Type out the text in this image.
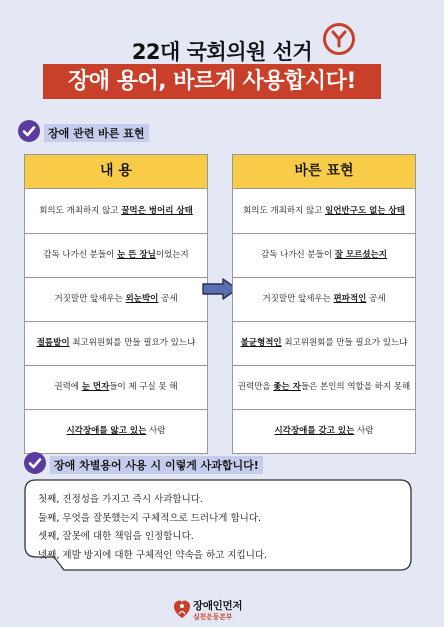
22대 국회의원 선거
장애 용어, 바르게 사용합시다!
장애 관련 바른 표현
내 용
회의도 개최하지 않고 꿀먹은 벙어리 상태
감독 나가신 분들이 눈 뜬 장님이었는지
거짓말만 앞세우는 외눈박이 공세
절름발이 최고위원회를 만들 필요가 있느냐
권력에 눈 먼자들이 제 구실 못 해
시각장애를 앓고 있는 사람
바른 표현
회의도 개최하지 않고 일언반구도 없는 상태
감독 나가신 분들이 잘 모르셨는지
거짓말만 앞세우는 편파적인 공세
불균형적인 최고위원회를 만들 필요가 있느냐
권력만을 좇는 자들은 본인의 역할을 하지 못해
시각장애를 갖고 있는 사람
장애 차별용어 사용 시 이렇게 사과합니다!
첫째, 진정성을 가지고 즉시 사과합니다.
둘째, 무엇을 잘못했는지 구체적으로 드러나게 합니다.
셋째, 잘못에 대한 책임을 인정합니다.
넷째, 제발 방지에 대한 구체적인 약속을 하고 지킵니다.
장애인먼저
실천운동본부
